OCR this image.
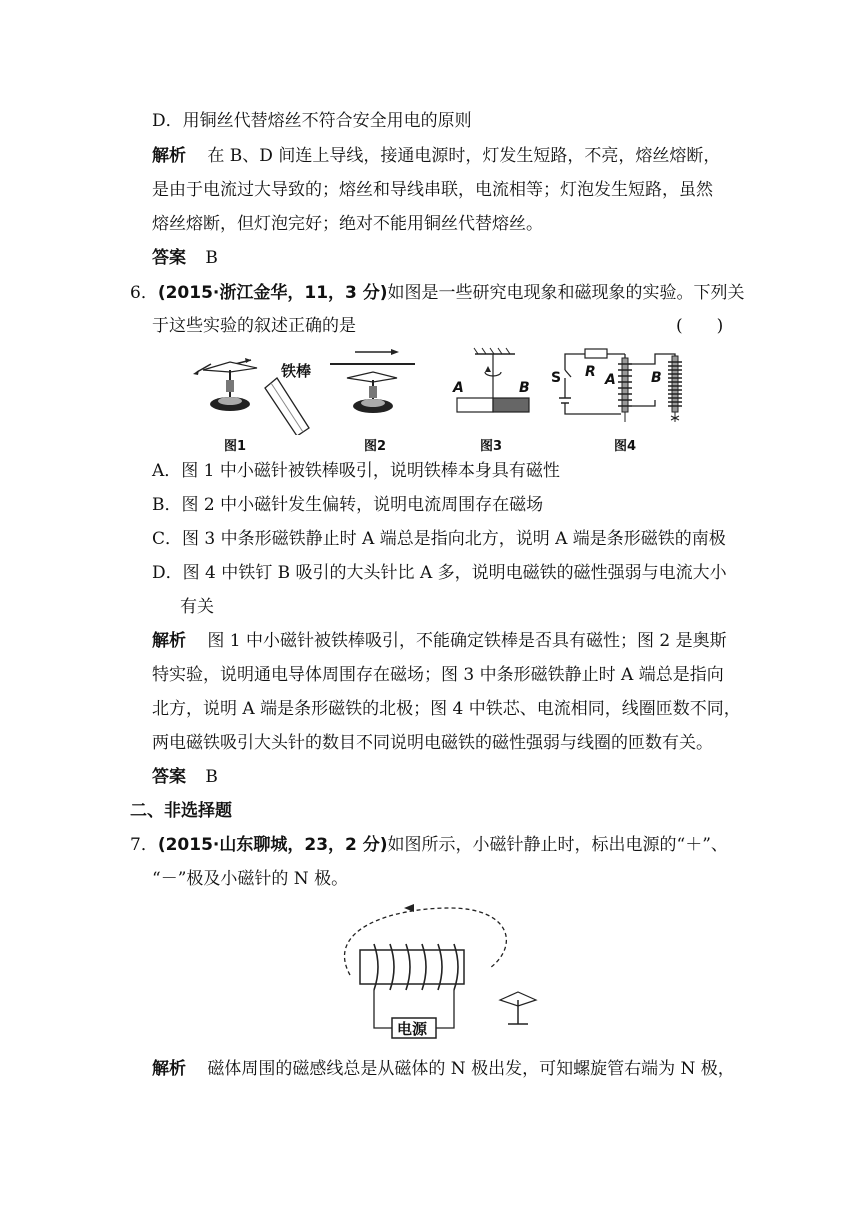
D．用铜丝代替熔丝不符合安全用电的原则
解析 在 B、D 间连上导线，接通电源时，灯发生短路，不亮，熔丝熔断，
是由于电流过大导致的；熔丝和导线串联，电流相等；灯泡发生短路，虽然
熔丝熔断，但灯泡完好；绝对不能用铜丝代替熔丝。
答案 B
6．(2015·浙江金华，11，3 分)如图是一些研究电现象和磁现象的实验。下列关
于这些实验的叙述正确的是	(　　)
铁棒
A	B
S R A	B
图1	图2	图3	图4
A．图 1 中小磁针被铁棒吸引，说明铁棒本身具有磁性
B．图 2 中小磁针发生偏转，说明电流周围存在磁场
C．图 3 中条形磁铁静止时 A 端总是指向北方，说明 A 端是条形磁铁的南极
D．图 4 中铁钉 B 吸引的大头针比 A 多，说明电磁铁的磁性强弱与电流大小
有关
解析 图 1 中小磁针被铁棒吸引，不能确定铁棒是否具有磁性；图 2 是奥斯
特实验，说明通电导体周围存在磁场；图 3 中条形磁铁静止时 A 端总是指向
北方，说明 A 端是条形磁铁的北极；图 4 中铁芯、电流相同，线圈匝数不同，
两电磁铁吸引大头针的数目不同说明电磁铁的磁性强弱与线圈的匝数有关。
答案 B
二、非选择题
7．(2015·山东聊城，23，2 分)如图所示，小磁针静止时，标出电源的“＋”、
“－”极及小磁针的 N 极。
电源
解析 磁体周围的磁感线总是从磁体的 N 极出发，可知螺旋管右端为 N 极，
